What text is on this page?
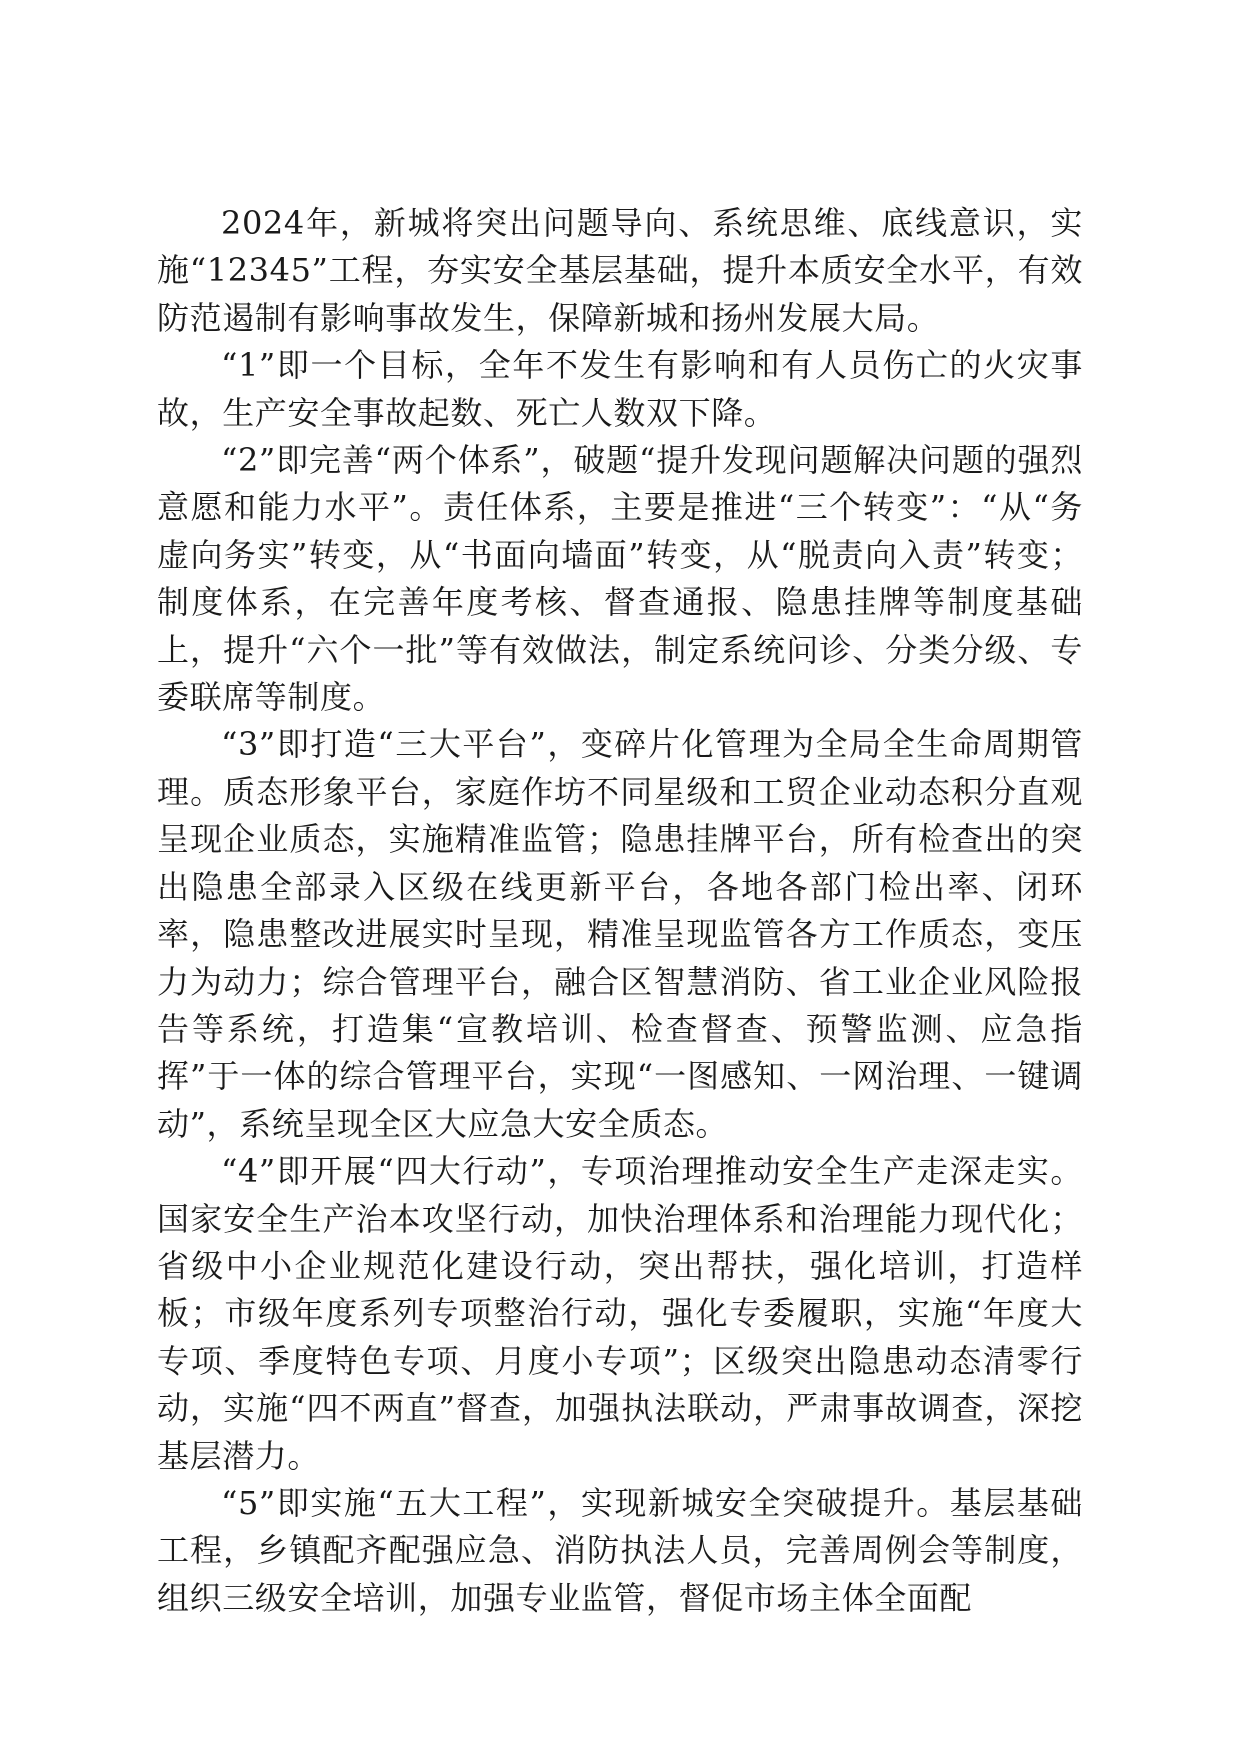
2024年，新城将突出问题导向、系统思维、底线意识，实施“12345”工程，夯实安全基层基础，提升本质安全水平，有效防范遏制有影响事故发生，保障新城和扬州发展大局。

“1”即一个目标，全年不发生有影响和有人员伤亡的火灾事故，生产安全事故起数、死亡人数双下降。

“2”即完善“两个体系”，破题“提升发现问题解决问题的强烈意愿和能力水平”。责任体系，主要是推进“三个转变”：“从“务虚向务实”转变，从“书面向墙面”转变，从“脱责向入责”转变；制度体系，在完善年度考核、督查通报、隐患挂牌等制度基础上，提升“六个一批”等有效做法，制定系统问诊、分类分级、专委联席等制度。

“3”即打造“三大平台”，变碎片化管理为全局全生命周期管理。质态形象平台，家庭作坊不同星级和工贸企业动态积分直观呈现企业质态，实施精准监管；隐患挂牌平台，所有检查出的突出隐患全部录入区级在线更新平台，各地各部门检出率、闭环率，隐患整改进展实时呈现，精准呈现监管各方工作质态，变压力为动力；综合管理平台，融合区智慧消防、省工业企业风险报告等系统，打造集“宣教培训、检查督查、预警监测、应急指挥”于一体的综合管理平台，实现“一图感知、一网治理、一键调动”，系统呈现全区大应急大安全质态。

“4”即开展“四大行动”，专项治理推动安全生产走深走实。国家安全生产治本攻坚行动，加快治理体系和治理能力现代化；省级中小企业规范化建设行动，突出帮扶，强化培训，打造样板；市级年度系列专项整治行动，强化专委履职，实施“年度大专项、季度特色专项、月度小专项”；区级突出隐患动态清零行动，实施“四不两直”督查，加强执法联动，严肃事故调查，深挖基层潜力。

“5”即实施“五大工程”，实现新城安全突破提升。基层基础工程，乡镇配齐配强应急、消防执法人员，完善周例会等制度，组织三级安全培训，加强专业监管，督促市场主体全面配
